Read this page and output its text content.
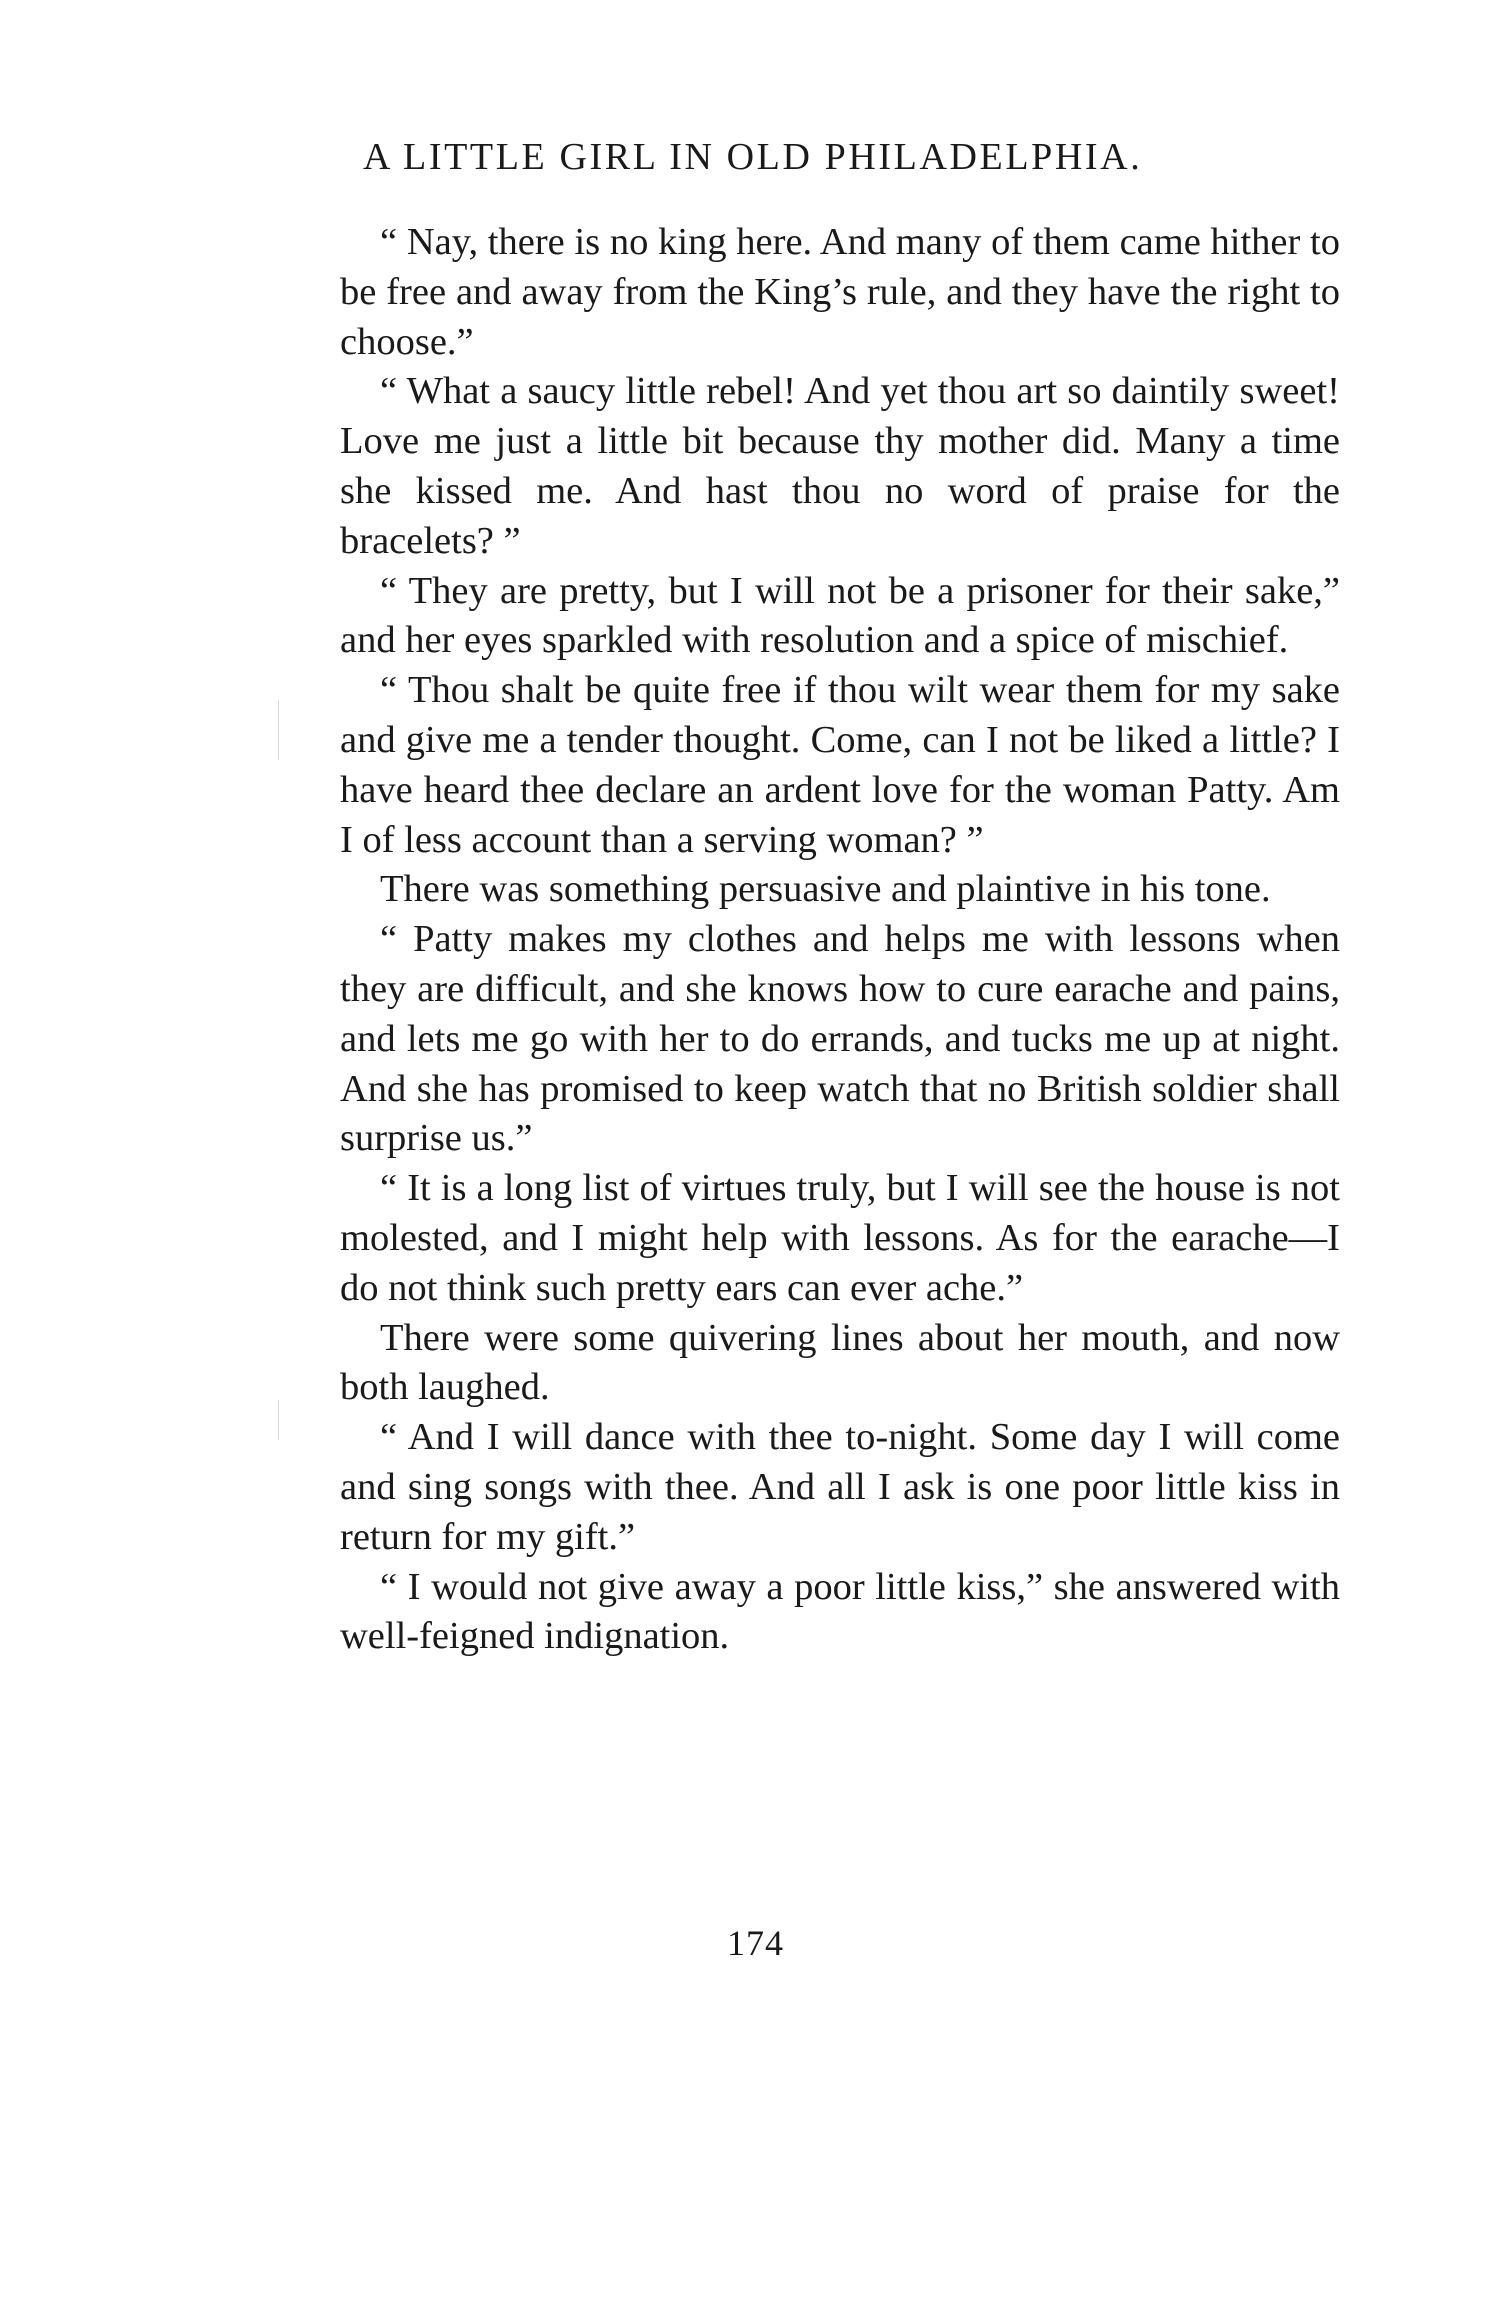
A LITTLE GIRL IN OLD PHILADELPHIA.

“ Nay, there is no king here. And many of them came hither to be free and away from the King’s rule, and they have the right to choose.”

“ What a saucy little rebel! And yet thou art so daintily sweet! Love me just a little bit because thy mother did. Many a time she kissed me. And hast thou no word of praise for the bracelets? ”

“ They are pretty, but I will not be a prisoner for their sake,” and her eyes sparkled with resolution and a spice of mischief.

“ Thou shalt be quite free if thou wilt wear them for my sake and give me a tender thought. Come, can I not be liked a little? I have heard thee declare an ardent love for the woman Patty. Am I of less account than a serving woman? ”

There was something persuasive and plaintive in his tone.

“ Patty makes my clothes and helps me with lessons when they are difficult, and she knows how to cure earache and pains, and lets me go with her to do errands, and tucks me up at night. And she has promised to keep watch that no British soldier shall surprise us.”

“ It is a long list of virtues truly, but I will see the house is not molested, and I might help with lessons. As for the earache—I do not think such pretty ears can ever ache.”

There were some quivering lines about her mouth, and now both laughed.

“ And I will dance with thee to-night. Some day I will come and sing songs with thee. And all I ask is one poor little kiss in return for my gift.”

“ I would not give away a poor little kiss,” she answered with well-feigned indignation.

174
